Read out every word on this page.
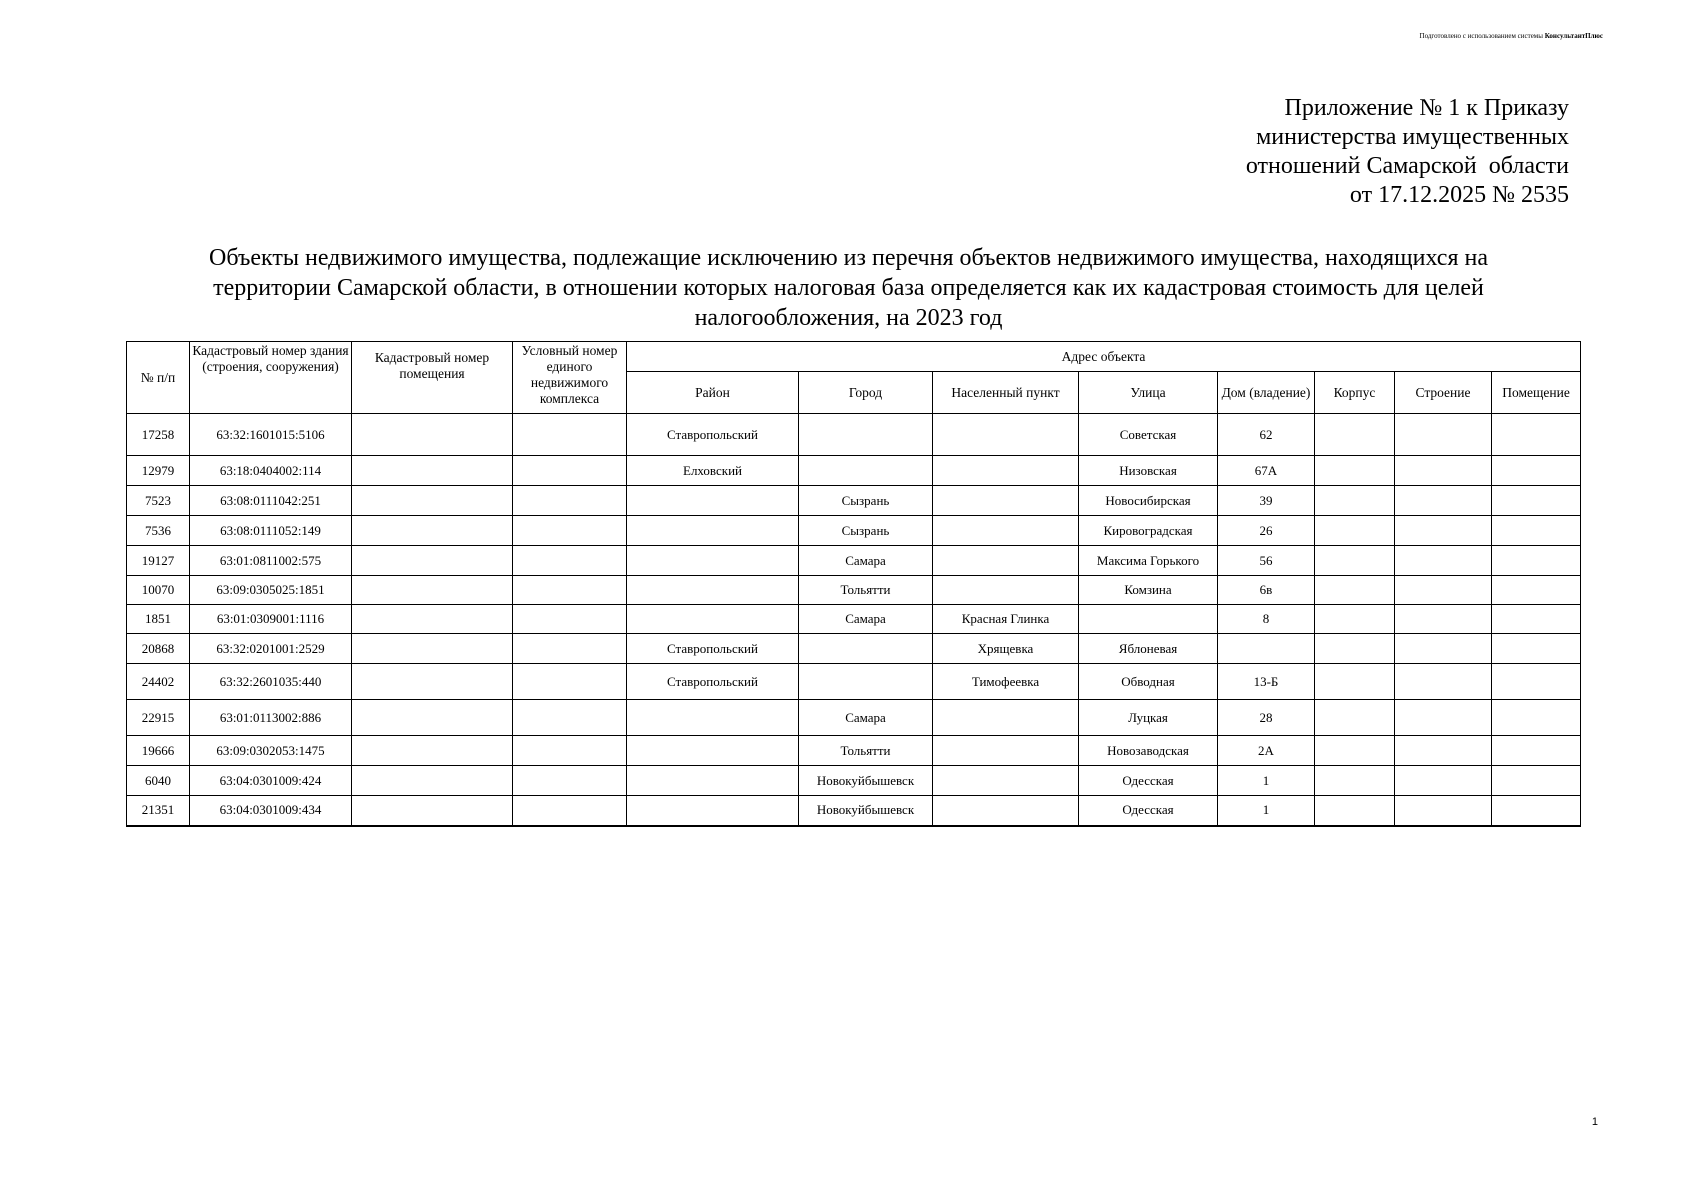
Подготовлено с использованием системы КонсультантПлюс
Приложение № 1 к Приказу
министерства имущественных
отношений Самарской  области
от 17.12.2025 № 2535
Объекты недвижимого имущества, подлежащие исключению из перечня объектов недвижимого имущества, находящихся на
территории Самарской области, в отношении которых налоговая база определяется как их кадастровая стоимость для целей
налогообложения, на 2023 год
№ п/п	Кадастровый номер здания (строения, сооружения)	Кадастровый номер помещения	Условный номер единого недвижимого комплекса	Адрес объекта							
				Район	Город	Населенный пункт	Улица	Дом (владение)	Корпус	Строение	Помещение
17258	63:32:1601015:5106			Ставропольский			Советская	62			
12979	63:18:0404002:114			Елховский			Низовская	67А			
7523	63:08:0111042:251				Сызрань		Новосибирская	39			
7536	63:08:0111052:149				Сызрань		Кировоградская	26			
19127	63:01:0811002:575				Самара		Максима Горького	56			
10070	63:09:0305025:1851				Тольятти		Комзина	6в			
1851	63:01:0309001:1116				Самара	Красная Глинка		8			
20868	63:32:0201001:2529			Ставропольский		Хрящевка	Яблоневая				
24402	63:32:2601035:440			Ставропольский		Тимофеевка	Обводная	13-Б			
22915	63:01:0113002:886				Самара		Луцкая	28			
19666	63:09:0302053:1475				Тольятти		Новозаводская	2А			
6040	63:04:0301009:424				Новокуйбышевск		Одесская	1			
21351	63:04:0301009:434				Новокуйбышевск		Одесская	1			
1
